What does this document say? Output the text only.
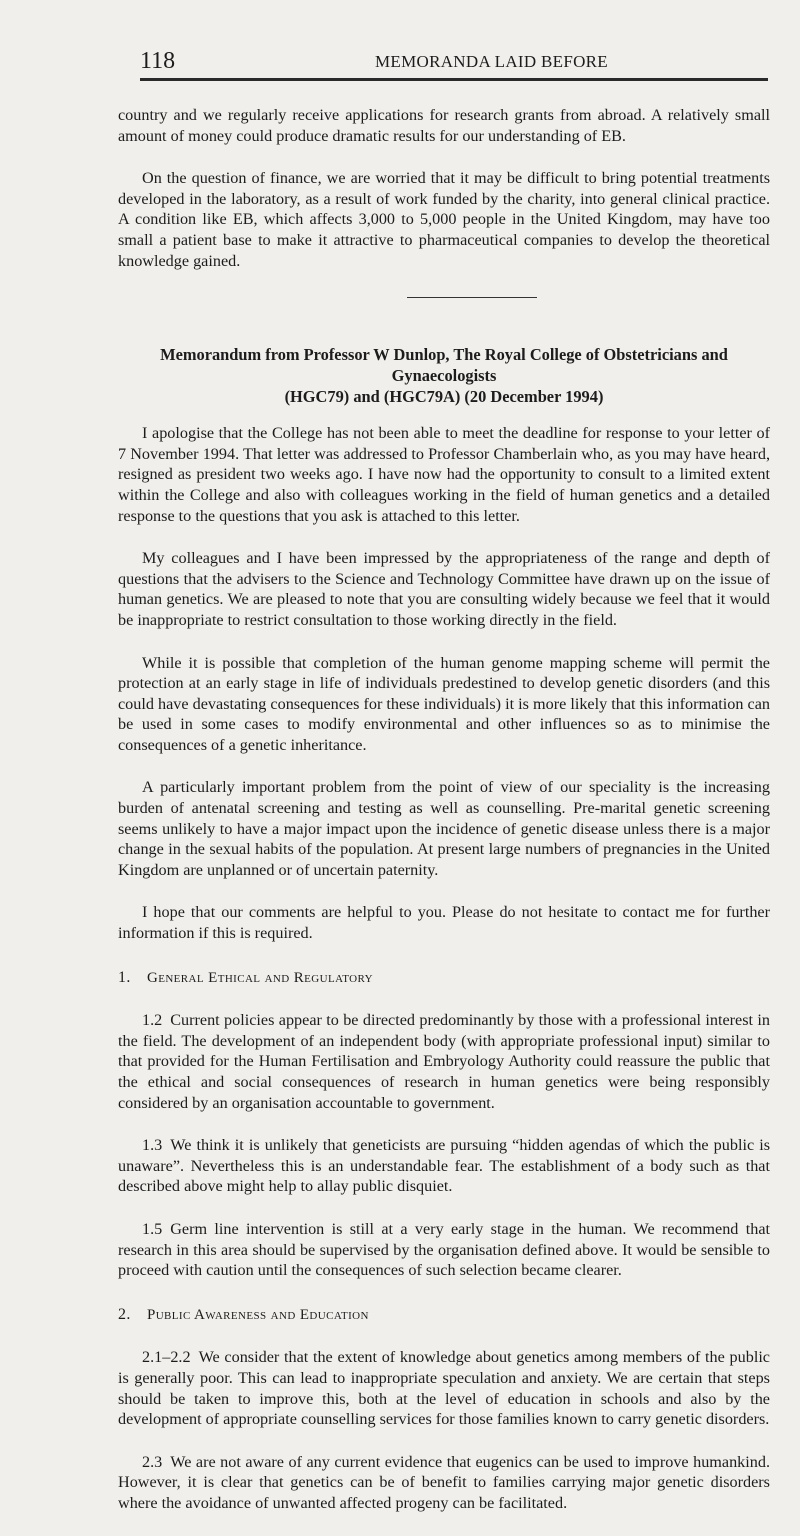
118	MEMORANDA LAID BEFORE

country and we regularly receive applications for research grants from abroad. A relatively small amount of money could produce dramatic results for our understanding of EB.

On the question of finance, we are worried that it may be difficult to bring potential treatments developed in the laboratory, as a result of work funded by the charity, into general clinical practice. A condition like EB, which affects 3,000 to 5,000 people in the United Kingdom, may have too small a patient base to make it attractive to pharmaceutical companies to develop the theoretical knowledge gained.

Memorandum from Professor W Dunlop, The Royal College of Obstetricians and Gynaecologists
(HGC79) and (HGC79A) (20 December 1994)

I apologise that the College has not been able to meet the deadline for response to your letter of 7 November 1994. That letter was addressed to Professor Chamberlain who, as you may have heard, resigned as president two weeks ago. I have now had the opportunity to consult to a limited extent within the College and also with colleagues working in the field of human genetics and a detailed response to the questions that you ask is attached to this letter.

My colleagues and I have been impressed by the appropriateness of the range and depth of questions that the advisers to the Science and Technology Committee have drawn up on the issue of human genetics. We are pleased to note that you are consulting widely because we feel that it would be inappropriate to restrict consultation to those working directly in the field.

While it is possible that completion of the human genome mapping scheme will permit the protection at an early stage in life of individuals predestined to develop genetic disorders (and this could have devastating consequences for these individuals) it is more likely that this information can be used in some cases to modify environmental and other influences so as to minimise the consequences of a genetic inheritance.

A particularly important problem from the point of view of our speciality is the increasing burden of antenatal screening and testing as well as counselling. Pre-marital genetic screening seems unlikely to have a major impact upon the incidence of genetic disease unless there is a major change in the sexual habits of the population. At present large numbers of pregnancies in the United Kingdom are unplanned or of uncertain paternity.

I hope that our comments are helpful to you. Please do not hesitate to contact me for further information if this is required.

1. General Ethical and Regulatory

1.2 Current policies appear to be directed predominantly by those with a professional interest in the field. The development of an independent body (with appropriate professional input) similar to that provided for the Human Fertilisation and Embryology Authority could reassure the public that the ethical and social consequences of research in human genetics were being responsibly considered by an organisation accountable to government.

1.3 We think it is unlikely that geneticists are pursuing “hidden agendas of which the public is unaware”. Nevertheless this is an understandable fear. The establishment of a body such as that described above might help to allay public disquiet.

1.5 Germ line intervention is still at a very early stage in the human. We recommend that research in this area should be supervised by the organisation defined above. It would be sensible to proceed with caution until the consequences of such selection became clearer.

2. Public Awareness and Education

2.1–2.2 We consider that the extent of knowledge about genetics among members of the public is generally poor. This can lead to inappropriate speculation and anxiety. We are certain that steps should be taken to improve this, both at the level of education in schools and also by the development of appropriate counselling services for those families known to carry genetic disorders.

2.3 We are not aware of any current evidence that eugenics can be used to improve humankind. However, it is clear that genetics can be of benefit to families carrying major genetic disorders where the avoidance of unwanted affected progeny can be facilitated.
